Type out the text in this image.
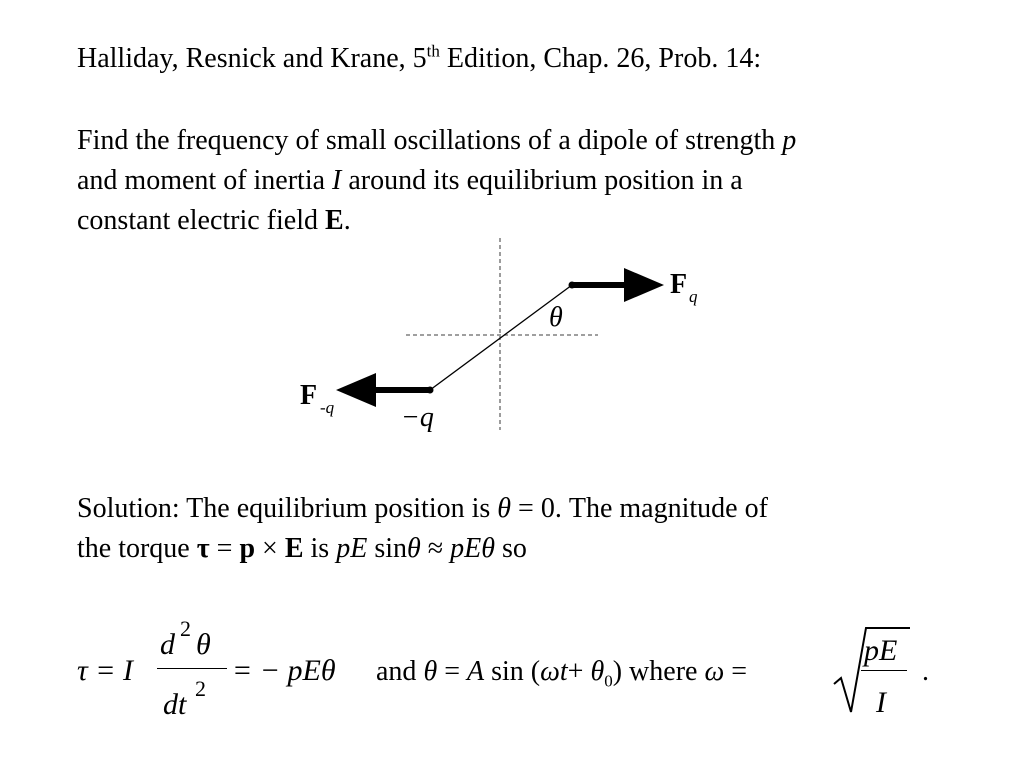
Halliday, Resnick and Krane, 5th Edition, Chap. 26, Prob. 14:

Find the frequency of small oscillations of a dipole of strength p

and moment of inertia I around its equilibrium position in a

constant electric field E.

F q
θ
F -q −q

Solution: The equilibrium position is θ = 0. The magnitude of

the torque τ = p × E is pE sinθ ≈ pEθ so

τ = I
d 2 θ
dt 2
= − pEθ and θ = A $\sin (\omega t+ \theta_0)$ where ω =
pE
I
.
